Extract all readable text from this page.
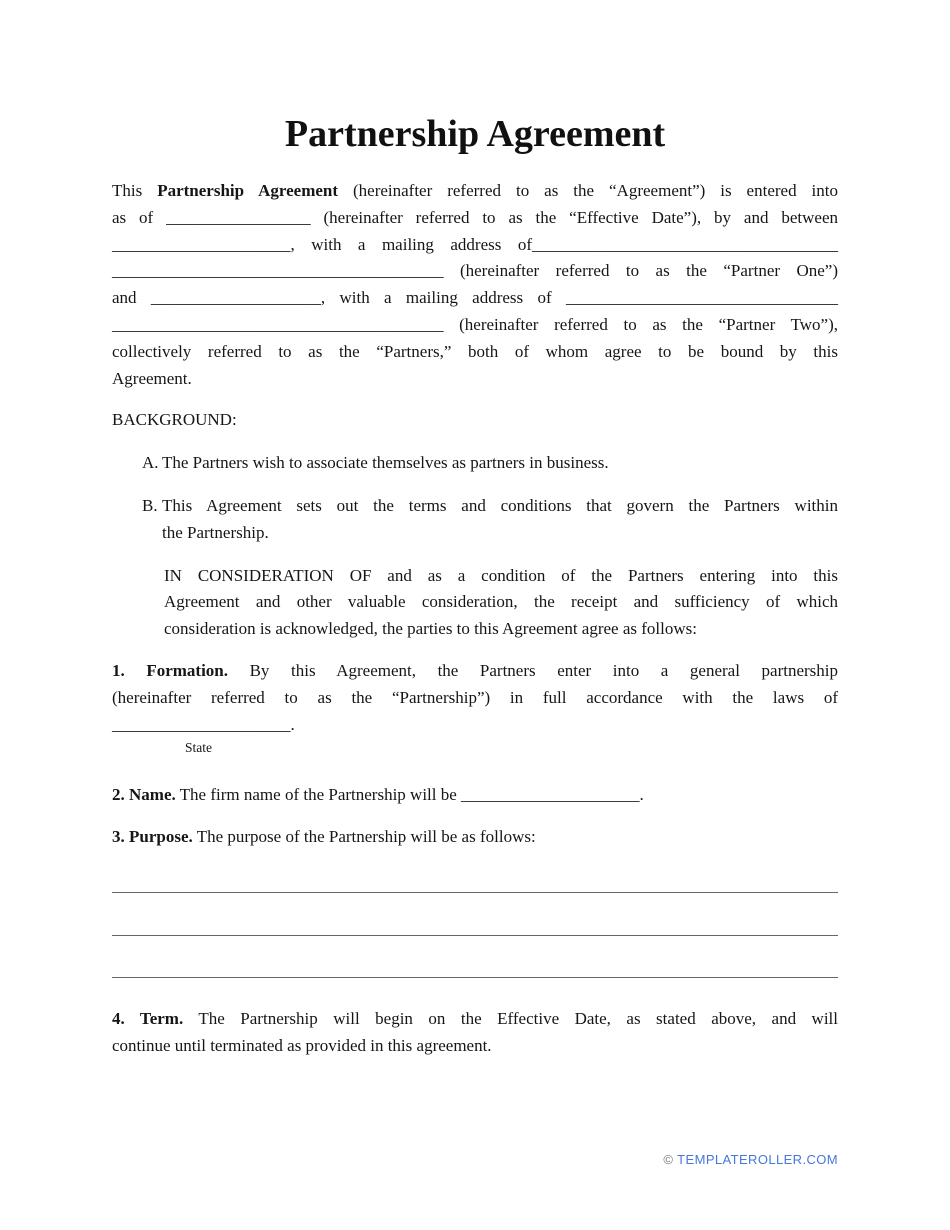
Partnership Agreement
This Partnership Agreement (hereinafter referred to as the “Agreement”) is entered into
as of _________________ (hereinafter referred to as the “Effective Date”), by and between
_____________________, with a mailing address of____________________________________
_______________________________________ (hereinafter referred to as the “Partner One”)
and ____________________, with a mailing address of ________________________________
_______________________________________ (hereinafter referred to as the “Partner Two”),
collectively referred to as the “Partners,” both of whom agree to be bound by this
Agreement.
BACKGROUND:
A. The Partners wish to associate themselves as partners in business.
B. This Agreement sets out the terms and conditions that govern the Partners within
the Partnership.
IN CONSIDERATION OF and as a condition of the Partners entering into this
Agreement and other valuable consideration, the receipt and sufficiency of which
consideration is acknowledged, the parties to this Agreement agree as follows:
1. Formation. By this Agreement, the Partners enter into a general partnership
(hereinafter referred to as the “Partnership”) in full accordance with the laws of
_____________________.
State
2. Name. The firm name of the Partnership will be _____________________.
3. Purpose. The purpose of the Partnership will be as follows:
4. Term. The Partnership will begin on the Effective Date, as stated above, and will
continue until terminated as provided in this agreement.
© TEMPLATEROLLER.COM
